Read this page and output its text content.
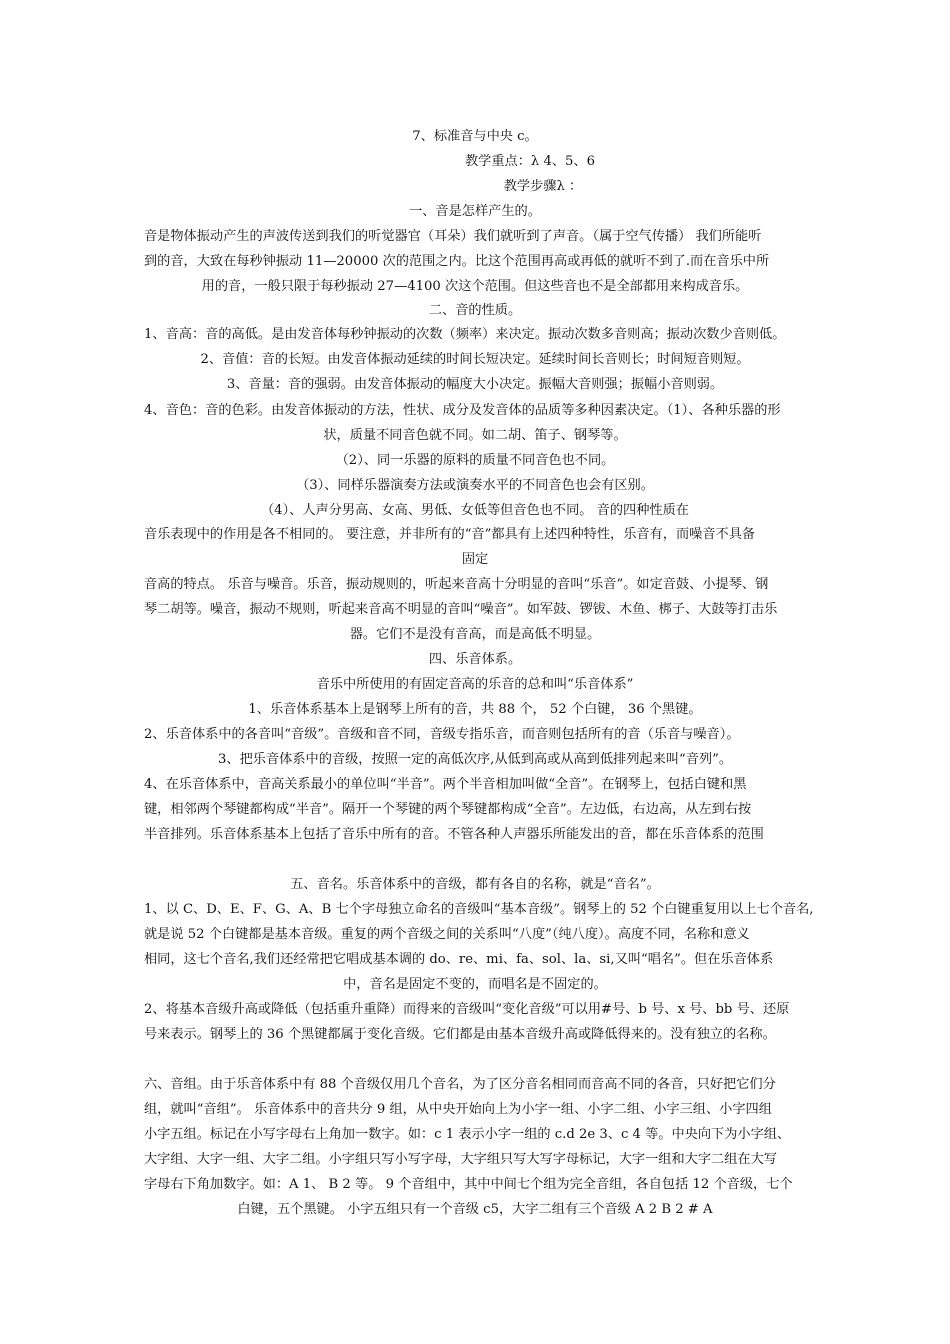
7、标准音与中央 c。
教学重点：λ 4、5、6
教学步骤λ ：
一、音是怎样产生的。
音是物体振动产生的声波传送到我们的听觉器官（耳朵）我们就听到了声音。（属于空气传播） 我们所能听
到的音，大致在每秒钟振动 11—20000 次的范围之内。比这个范围再高或再低的就听不到了.而在音乐中所
用的音，一般只限于每秒振动 27—4100 次这个范围。但这些音也不是全部都用来构成音乐。
二、音的性质。
1、音高：音的高低。是由发音体每秒钟振动的次数（频率）来决定。振动次数多音则高；振动次数少音则低。
2、音值：音的长短。由发音体振动延续的时间长短决定。延续时间长音则长；时间短音则短。
3、音量：音的强弱。由发音体振动的幅度大小决定。振幅大音则强；振幅小音则弱。
4、音色：音的色彩。由发音体振动的方法，性状、成分及发音体的品质等多种因素决定。（1）、各种乐器的形
状，质量不同音色就不同。如二胡、笛子、钢琴等。
（2）、同一乐器的原料的质量不同音色也不同。
（3）、同样乐器演奏方法或演奏水平的不同音色也会有区别。
（4）、人声分男高、女高、男低、女低等但音色也不同。 音的四种性质在
音乐表现中的作用是各不相同的。 要注意，并非所有的“音”都具有上述四种特性，乐音有，而噪音不具备
固定
音高的特点。 乐音与噪音。乐音，振动规则的，听起来音高十分明显的音叫“乐音”。如定音鼓、小提琴、钢
琴二胡等。噪音，振动不规则，听起来音高不明显的音叫“噪音”。如军鼓、锣钹、木鱼、梆子、大鼓等打击乐
器。它们不是没有音高，而是高低不明显。
四、乐音体系。
音乐中所使用的有固定音高的乐音的总和叫“乐音体系”
1、乐音体系基本上是钢琴上所有的音，共 88 个， 52 个白键， 36 个黑键。
2、乐音体系中的各音叫“音级”。音级和音不同，音级专指乐音，而音则包括所有的音（乐音与噪音）。
3、把乐音体系中的音级，按照一定的高低次序,从低到高或从高到低排列起来叫“音列”。
4、在乐音体系中，音高关系最小的单位叫“半音”。两个半音相加叫做“全音”。在钢琴上，包括白键和黑
键，相邻两个琴键都构成“半音”。隔开一个琴键的两个琴键都构成“全音”。左边低，右边高，从左到右按
半音排列。乐音体系基本上包括了音乐中所有的音。不管各种人声器乐所能发出的音，都在乐音体系的范围
五、音名。乐音体系中的音级，都有各自的名称，就是“音名”。
1、以 C、D、E、F、G、A、B 七个字母独立命名的音级叫“基本音级”。钢琴上的 52 个白键重复用以上七个音名,
就是说 52 个白键都是基本音级。重复的两个音级之间的关系叫“八度”（纯八度）。高度不同，名称和意义
相同，这七个音名,我们还经常把它唱成基本调的 do、re、mi、fa、sol、la、si,又叫“唱名”。但在乐音体系
中，音名是固定不变的，而唱名是不固定的。
2、将基本音级升高或降低（包括重升重降）而得来的音级叫“变化音级”可以用#号、b 号、x 号、bb 号、还原
号来表示。钢琴上的 36 个黑键都属于变化音级。它们都是由基本音级升高或降低得来的。没有独立的名称。
六、音组。由于乐音体系中有 88 个音级仅用几个音名，为了区分音名相同而音高不同的各音，只好把它们分
组，就叫“音组”。 乐音体系中的音共分 9 组，从中央开始向上为小字一组、小字二组、小字三组、小字四组
小字五组。标记在小写字母右上角加一数字。如：c 1 表示小字一组的 c.d 2e 3、c 4 等。中央向下为小字组、
大字组、大字一组、大字二组。小字组只写小写字母，大字组只写大写字母标记，大字一组和大字二组在大写
字母右下角加数字。如：A 1、 B 2 等。 9 个音组中，其中中间七个组为完全音组，各自包括 12 个音级，七个
白键，五个黑键。 小字五组只有一个音级 c5，大字二组有三个音级 A 2 B 2 # A
